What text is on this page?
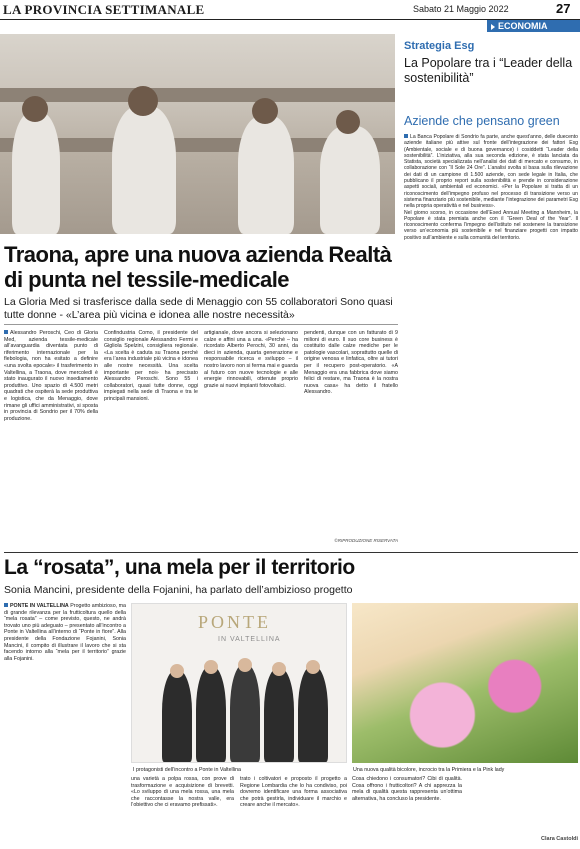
LA PROVINCIA SETTIMANALE	Sabato 21 Maggio 2022	27
ECONOMIA
Strategia Esg
La Popolare tra i “Leader della sostenibilità”
Aziende che pensano green
La Banca Popolare di Sondrio fa parte, anche quest’anno, delle duecento aziende italiane più attive sul fronte dell’integrazione dei fattori Esg (Ambientale, sociale e di buona governance) i cosiddetti “Leader della sostenibilità”. L’iniziativa, alla sua seconda edizione, è stata lanciata da Statista, società specializzata nell’analisi dei dati di mercato e consumo, in collaborazione con “Il Sole 24 Ore”. L’analisi svolta si basa sulla rilevazione dei dati di un campione di 1.500 aziende, con sede legale in Italia, che pubblicano il proprio report sulla sostenibilità e prende in considerazione aspetti sociali, ambientali ed economici. «Per la Popolare si tratta di un riconoscimento dell’impegno profuso nel processo di transizione verso un sistema finanziario più sostenibile, mediante l’integrazione dei parametri Esg nella propria operatività e nel business».
Nel giorno scorso, in occasione dell’Esed Annual Meeting a Mannheim, la Popolare è stata premiata anche con il “Green Deal of the Year”. Il riconoscimento conferma l’impegno dell’istituto nel sostenere la transizione verso un’economia più sostenibile e nel finanziare progetti con impatto positivo sull’ambiente e sulla comunità del territorio.
Traona, apre una nuova azienda Realtà di punta nel tessile-medicale
La Gloria Med si trasferisce dalla sede di Menaggio con 55 collaboratori Sono quasi tutte donne - «L’area più vicina e idonea alle nostre necessità»
Alessandro Peroschi, Ceo di Gloria Med, azienda tessile-medicale all’avanguardia diventata punto di riferimento internazionale per la flebologia, non ha esitato a definire «una svolta epocale» il trasferimento in Valtellina, a Traona, dove mercoledì è stato inaugurato il nuovo insediamento produttivo. Uno spazio di 4.500 metri quadrati che ospiterà la sede produttiva e logistica, che da Menaggio, dove rimane gli uffici amministrativi, si sposta in provincia di Sondrio per il 70% della produzione.
Confindustria Como, il presidente del consiglio regionale Alessandro Fermi e Gigliola Spelzini, consigliera regionale. «La scelta è caduta su Traona perché era l’area industriale più vicina e idonea alle nostre necessità. Una scelta importante per noi» ha precisato Alessandro Peroschi. Sono 55 i collaboratori, quasi tutte donne, oggi impiegati nella sede di Traona e tra le principali mansioni.
artigianale, dove ancora si selezionano calze e affini una a una. «Perché – ha ricordato Alberto Perochi, 30 anni, da dieci in azienda, quarta generazione e responsabile ricerca e sviluppo – il nostro lavoro non si ferma mai e guarda al futuro con nuove tecnologie e alle energie rinnovabili, ottenute proprio grazie ai nuovi impianti fotovoltaici.
pendenti, dunque con un fatturato di 9 milioni di euro. Il suo core business è costituito dalle calze mediche per le patologie vascolari, soprattutto quelle di origine venosa e linfatica, oltre ai tutori per il recupero post-operatorio. «A Menaggio era una fabbrica dove siamo felici di restare, ma Traona è la nostra nuova casa» ha detto il fratello Alessandro.
©RIPRODUZIONE RISERVATA
La “rosata”, una mela per il territorio
Sonia Mancini, presidente della Fojanini, ha parlato dell’ambizioso progetto
PONTE IN VALTELLINA Progetto ambizioso, ma di grande rilevanza per la frutticoltura quello della “mela rosata” – come previsto, questo, ne andrà trovato uno più adeguato – presentato all’incontro a Ponte in Valtellina all’interno di “Ponte in fiore”. Alla presidente della Fondazione Fojanini, Sonia Mancini, il compito di illustrare il lavoro che si sta facendo intorno alla “mela per il territorio” grazie alla Fojanini.
PONTE
IN VALTELLINA
I protagonisti dell’incontro a Ponte in Valtellina	Una nuova qualità bicolore, incrocio tra la Primiera e la Pink lady
una varietà a polpa rossa, con prove di trasformazione e acquisizione di brevetti. «Lo sviluppo di una mela rossa, una mela che raccontasse la nostra valle, era l’obiettivo che ci eravamo prefissati».
trato i coltivatori e proposto il progetto a Regione Lombardia che lo ha condiviso, poi dovremo identificare una forma associativa che potrà gestirla, individuare il marchio e creare anche il mercato».
Cosa chiedono i consumatori? Cibi di qualità. Cosa offrono i frutticoltori? A chi apprezza la mela di qualità questa rappresenta un’ottima alternativa, ha concluso la presidente.
Clara Castoldi
